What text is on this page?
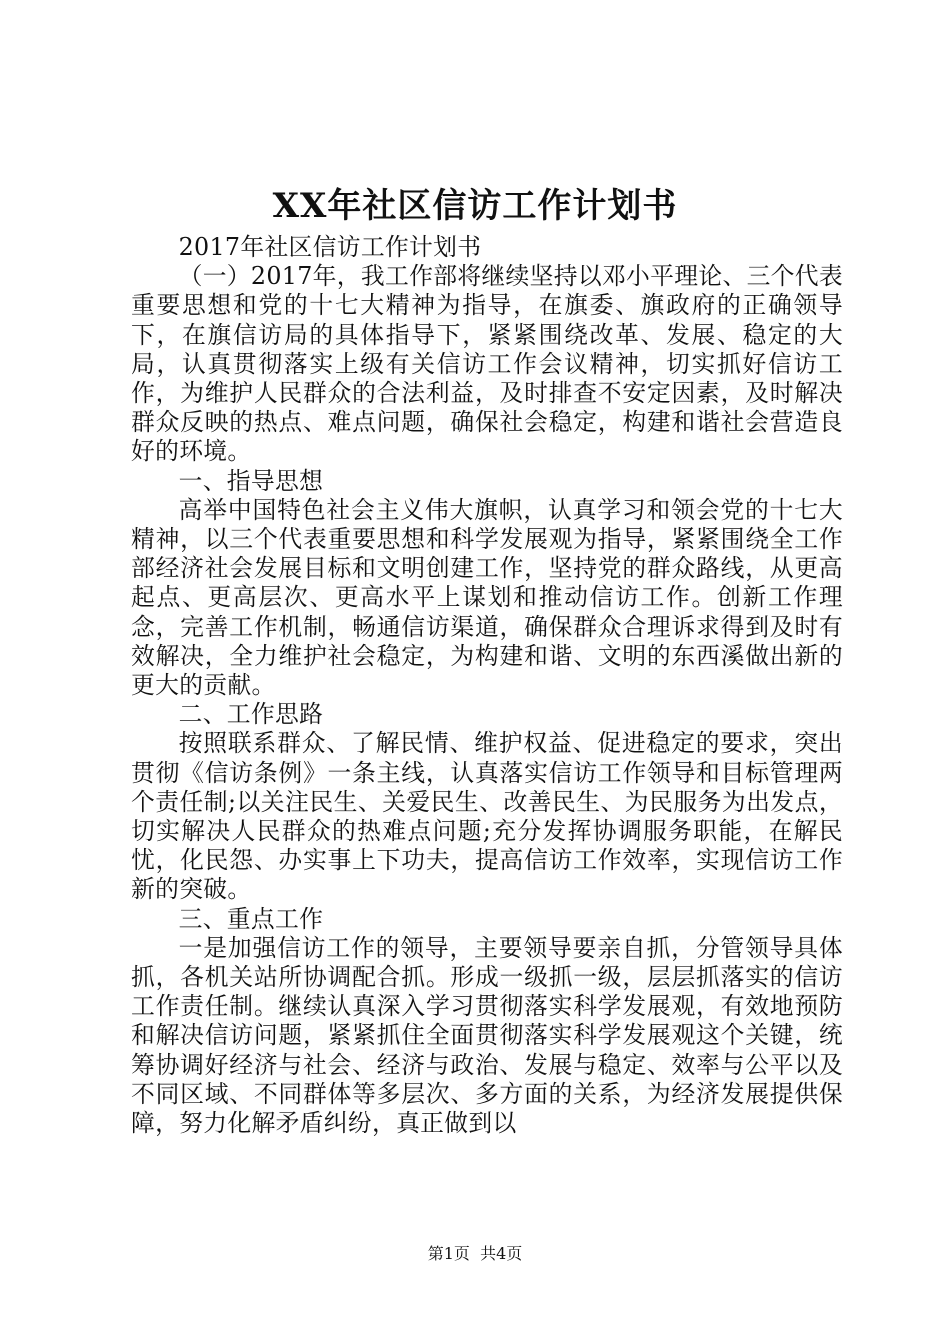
XX年社区信访工作计划书

2017年社区信访工作计划书

（一）2017年，我工作部将继续坚持以邓小平理论、三个代表重要思想和党的十七大精神为指导，在旗委、旗政府的正确领导下，在旗信访局的具体指导下，紧紧围绕改革、发展、稳定的大局，认真贯彻落实上级有关信访工作会议精神，切实抓好信访工作，为维护人民群众的合法利益，及时排查不安定因素，及时解决群众反映的热点、难点问题，确保社会稳定，构建和谐社会营造良好的环境。

一、指导思想

高举中国特色社会主义伟大旗帜，认真学习和领会党的十七大精神，以三个代表重要思想和科学发展观为指导，紧紧围绕全工作部经济社会发展目标和文明创建工作，坚持党的群众路线，从更高起点、更高层次、更高水平上谋划和推动信访工作。创新工作理念，完善工作机制，畅通信访渠道，确保群众合理诉求得到及时有效解决，全力维护社会稳定，为构建和谐、文明的东西溪做出新的更大的贡献。

二、工作思路

按照联系群众、了解民情、维护权益、促进稳定的要求，突出贯彻《信访条例》一条主线，认真落实信访工作领导和目标管理两个责任制;以关注民生、关爱民生、改善民生、为民服务为出发点，切实解决人民群众的热难点问题;充分发挥协调服务职能，在解民忧，化民怨、办实事上下功夫，提高信访工作效率，实现信访工作新的突破。

三、重点工作

一是加强信访工作的领导，主要领导要亲自抓，分管领导具体抓，各机关站所协调配合抓。形成一级抓一级，层层抓落实的信访工作责任制。继续认真深入学习贯彻落实科学发展观，有效地预防和解决信访问题，紧紧抓住全面贯彻落实科学发展观这个关键，统筹协调好经济与社会、经济与政治、发展与稳定、效率与公平以及不同区域、不同群体等多层次、多方面的关系，为经济发展提供保障，努力化解矛盾纠纷，真正做到以

第1页  共4页
